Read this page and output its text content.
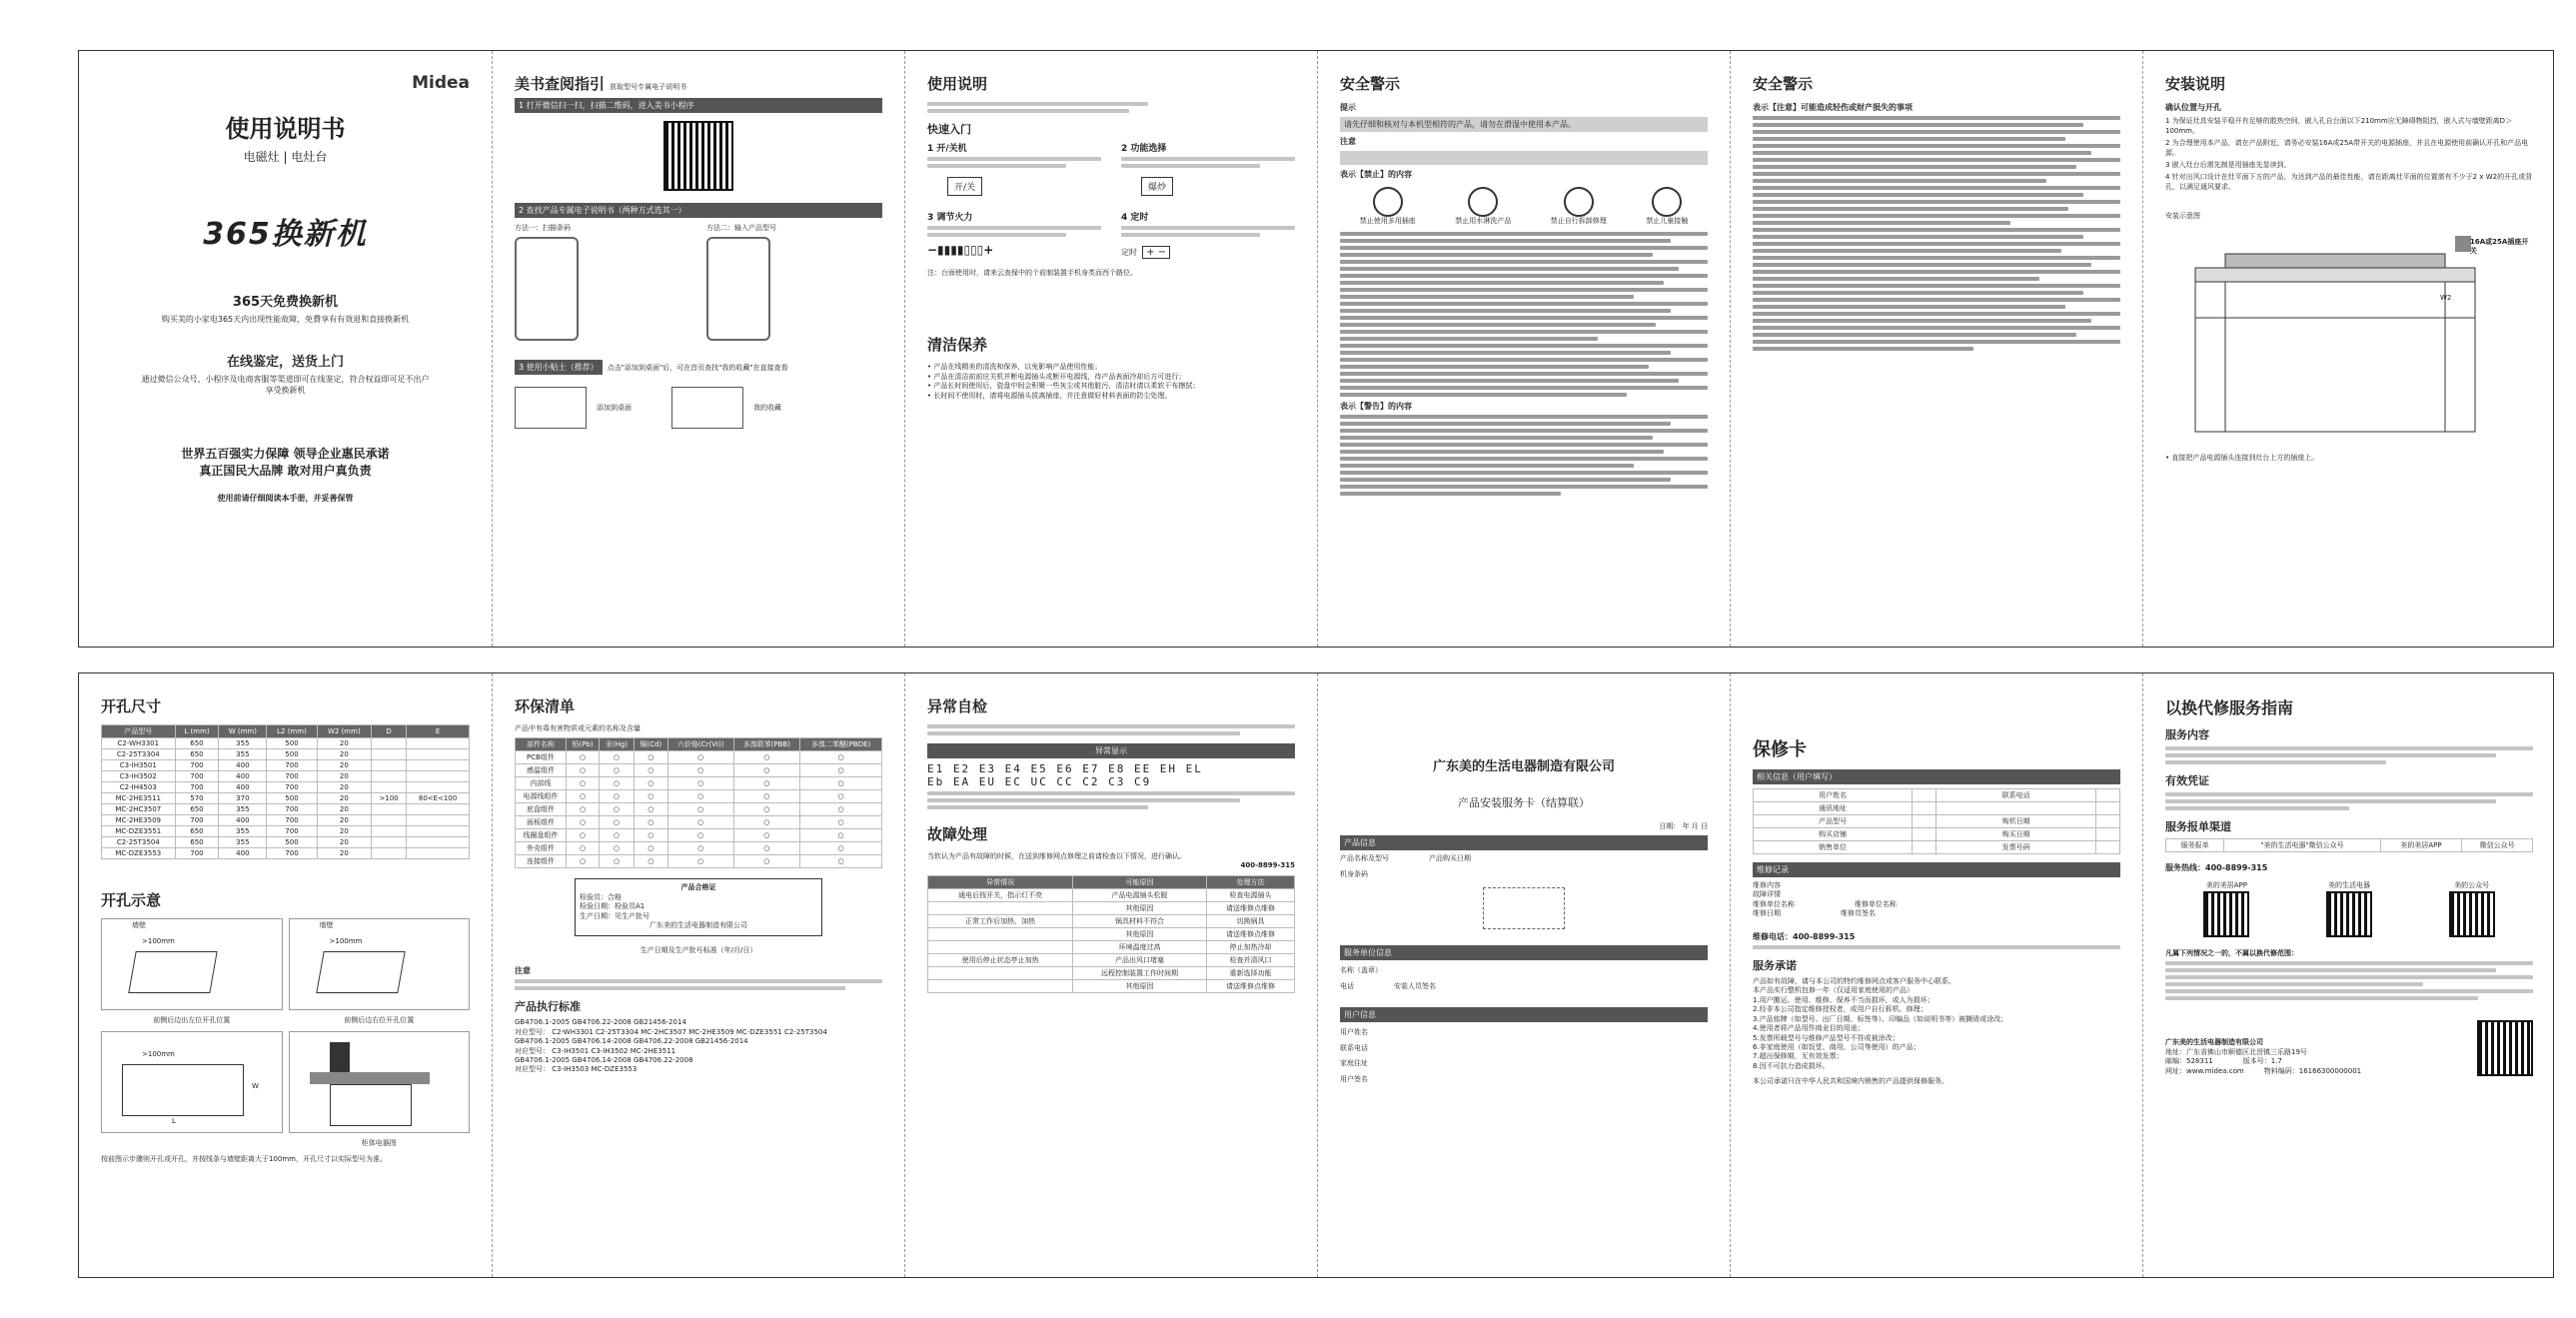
Midea
使用说明书
电磁灶 | 电灶台
365换新机
365天免费换新机
购买美的小家电365天内出现性能故障，免費享有有效退和直接换新机
在线鉴定，送货上门
通过微信公众号、小程序及电商客服等渠道即可在线鉴定，符合权益即可足不出户享受换新机
世界五百强实力保障 领导企业惠民承诺
真正国民大品牌 敢对用户真负责
使用前请仔细阅读本手册，并妥善保管
美书查阅指引 获取型号专属电子说明书
1 打开微信扫一扫，扫描二维码，进入美书小程序
2 查找产品专属电子说明书（两种方式选其一）
方法一：扫描条码	方法二：输入产品型号
3 使用小贴士（推荐） 点击"添加到桌面"后，可在首页查找"我的收藏"在直接查看
添加到桌面	我的收藏
使用说明
快速入门
1 开/关机
开/关
2 功能选择
爆炒
3 调节火力
−▮▮▮▮▯▯▯+
4 定时
定时 + −
注：台面使用时，请来云查保中的个前制装置手机身类而西个路位。
清洁保养
• 产品在线精美的清洗和保养，以免影响产品使用性能；
• 产品在清洁前前应关机并断电源插头或断开电源线，待产品表面冷却后方可进行；
• 产品长时间使用后，瓷盘中间会积聚一些灰尘或其他脏污，清洁时请以柔软干布擦拭；
• 长时间不使用时，请将电源插头拔离插座，并注意做好材料表面的防尘处理。
安全警示
提示
请先仔细和核对与本机型相符的产品，请勿在滑湿中使用本产品。
注意
表示【禁止】的内容
禁止使用多用插座	禁止用水淋洗产品	禁止自行拆卸修理	禁止儿童接触
表示【警告】的内容
安全警示
表示【注意】可能造成轻伤或财产损失的事项
安装说明
确认位置与开孔
1 为保证灶具安装平稳开有足够的散热空间，嵌入孔自台面以下210mm应无障碍物阻挡，嵌入式与墙壁距离D＞100mm。
2 为合理使用本产品，请在产品附近，请务必安装16A或25A带开关的电源插座，并且在电源使用前确认开孔和产品电源。
3 嵌入灶台后需先制是用插座先显读到。
4 针对出风口设计在灶平面下方的产品，为达到产品的最佳性能，请在距离灶平面的位置需有不少于2 x W2的开孔或背孔，以满足通风要求。
安装示意图
16A或25A插座开关
W2
• 直接把产品电源插头连接到灶台上方的插座上。
开孔尺寸
产品型号	L (mm)	W (mm)	L2 (mm)	W2 (mm)	D	E
C2-WH3301	650	355	500	20		
C2-25T3304	650	355	500	20		
C3-IH3501	700	400	700	20		
C3-IH3502	700	400	700	20		
C2-IH4503	700	400	700	20		
MC-2HE3511	570	370	500	20	>100	80<E<100
MC-2HC3507	650	355	700	20		
MC-2HE3509	700	400	700	20		
MC-DZE3551	650	355	700	20		
C2-25T3504	650	355	500	20		
MC-DZE3553	700	400	700	20		
开孔示意
墙壁
>100mm
墙壁
>100mm
前侧后边出左位开孔位置	前侧后边右位开孔位置
>100mm
W
L
柜体电器图
按前图示步骤则开孔或开孔，并按线条与墙壁距离大于100mm，开孔尺寸以实际型号为准。
环保清单
产品中有毒有害物质或元素的名称及含量
部件名称	铅(Pb)	汞(Hg)	镉(Cd)	六价铬(Cr(VI))	多溴联苯(PBB)	多溴二苯醚(PBDE)
PCB组件	○	○	○	○	○	○
感温组件	○	○	○	○	○	○
内部线	○	○	○	○	○	○
电源线组件	○	○	○	○	○	○
底盘组件	○	○	○	○	○	○
面板组件	○	○	○	○	○	○
线圈盘组件	○	○	○	○	○	○
外壳组件	○	○	○	○	○	○
连接组件	○	○	○	○	○	○
产品合格证
检验员：合格
检验日期：检验员A1
生产日期：见生产批号
广东美的生活电器制造有限公司
生产日期及生产批号标准（年/月/日）
注意
产品执行标准
GB4706.1-2005 GB4706.22-2008 GB21456-2014
对应型号： C2-WH3301 C2-25T3304 MC-2HC3507 MC-2HE3509 MC-DZE3551 C2-25T3504
GB4706.1-2005 GB4706.14-2008 GB4706.22-2008 GB21456-2014
对应型号： C3-IH3501 C3-IH3502 MC-2HE3511
GB4706.1-2005 GB4706.14-2008 GB4706.22-2008
对应型号： C3-IH3503 MC-DZE3553
异常自检
异常显示
E1 E2 E3 E4 E5 E6 E7 E8 EE EH EL
Eb EA EU EC UC CC C2 C3 C9
故障处理
当软认为产品有故障的时候，在送到维修网点修理之前请检查以下情况，进行确认。
400-8899-315
异常情况	可能原因	处理方法
通电后按开关，指示灯不亮	产品电源插头松脱	检查电源插头
	其他原因	请送维修点维修
正常工作后加热，加热	锅具材料不符合	切换锅具
	其他原因	请送维修点维修
	环境温度过高	停止加热冷却
使用后停止状态亭止加热	产品出风口堵塞	检查并清风口
	远程控制装置工作时间期	重新选择功能
	其他原因	请送维修点维修
广东美的生活电器制造有限公司
产品安装服务卡（结算联）
日期： 年 月 日
产品信息
产品名称及型号	产品购买日期
机身条码
服务单位信息
名称（盖章）
电话	安装人员签名
用户信息
用户姓名
联系电话
家庭住址
用户签名
保修卡
相关信息（用户填写）
用户姓名		联系电话	
通讯地址			
产品型号		购机日期	
购买店铺		购买日期	
销售单位		发票号码	
维修记录
维修内容
故障详情
维修单位名称	维修单位名称
维修日期	维修员签名
维修电话：400-8899-315
服务承诺
产品如有故障，请与本公司的特约维修网点或客户服务中心联系。
本产品实行整机包修一年（仅适用家庭使用的产品）
1.用户搬运、使用、维修、保养不当而损坏，或人为损坏；
2.经非本公司指定维修授权者，或用户自行拆机、修理；
3.产品铭牌（如型号、出厂日期、标签等）、印编品（如说明书等）被撕毁或涂改；
4.使用者将产品用作商业目的用途；
5.发票所载型号与维修产品型号不符或被涂改；
6.非家庭使用（如饭堂、商用、公司等使用）的产品；
7.超出保修期，无有效发票；
8.因不可抗力造成损坏。
本公司承诺只在中华人民共和国境内销售的产品提供保修服务。
以换代修服务指南
服务内容
有效凭证
服务报单渠道
服务报单	"美的生活电器"微信公众号	美的美居APP	微信公众号
服务热线：400-8899-315
美的美居APP	美的生活电器	美的公众号
凡属下列情况之一的，不属以换代修范围：
广东美的生活电器制造有限公司
地址：广东省佛山市顺德区北滘镇三乐路19号
邮编：528311	版本号：1.7
网址：www.midea.com	物料编码：16166300000001
